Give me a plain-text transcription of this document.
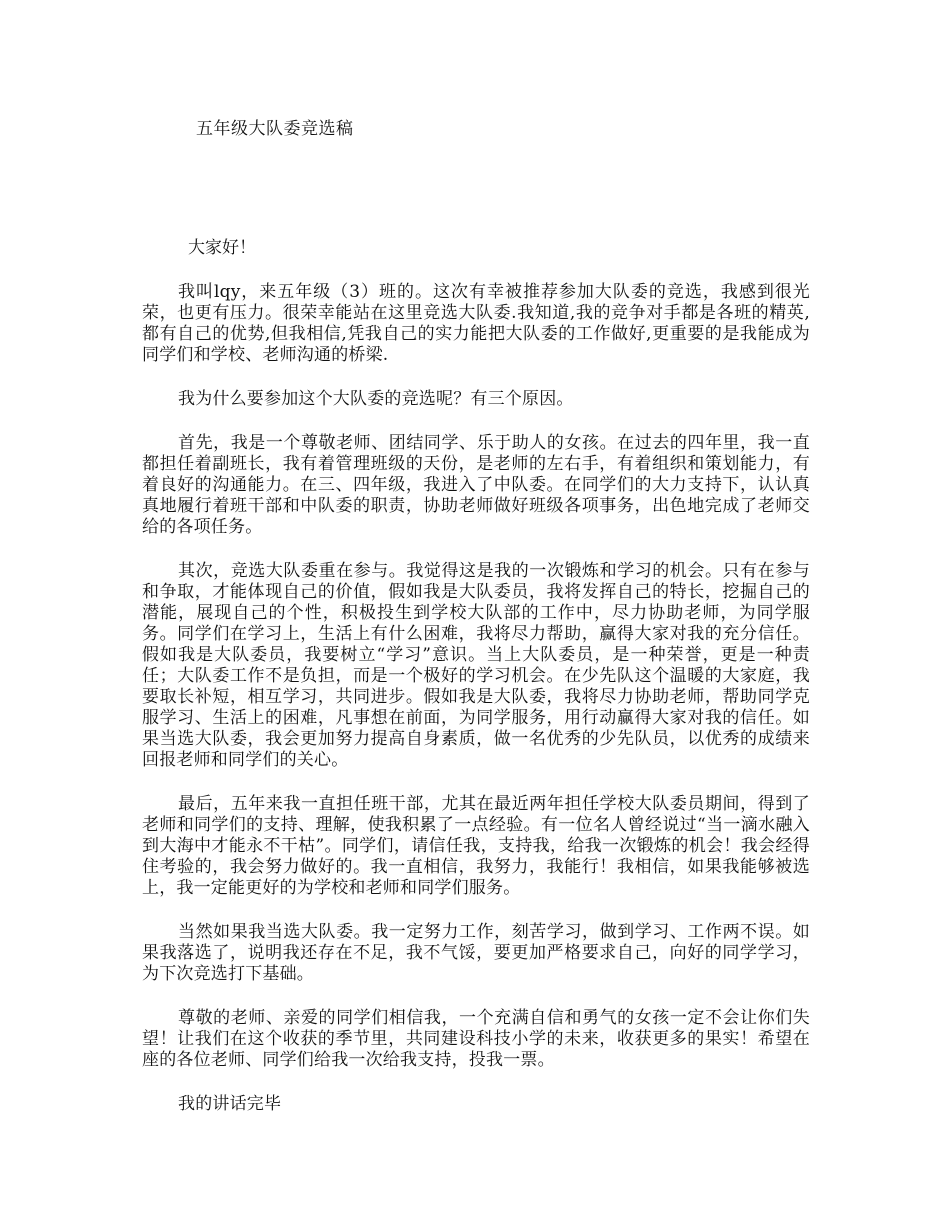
五年级大队委竞选稿

大家好！

我叫lqy，来五年级（3）班的。这次有幸被推荐参加大队委的竞选，我感到很光荣，也更有压力。很荣幸能站在这里竞选大队委.我知道,我的竞争对手都是各班的精英,都有自己的优势,但我相信,凭我自己的实力能把大队委的工作做好,更重要的是我能成为同学们和学校、老师沟通的桥梁.

我为什么要参加这个大队委的竞选呢？有三个原因。

首先，我是一个尊敬老师、团结同学、乐于助人的女孩。在过去的四年里，我一直都担任着副班长，我有着管理班级的天份，是老师的左右手，有着组织和策划能力，有着良好的沟通能力。在三、四年级，我进入了中队委。在同学们的大力支持下，认认真真地履行着班干部和中队委的职责，协助老师做好班级各项事务，出色地完成了老师交给的各项任务。

其次，竞选大队委重在参与。我觉得这是我的一次锻炼和学习的机会。只有在参与和争取，才能体现自己的价值，假如我是大队委员，我将发挥自己的特长，挖掘自己的潜能，展现自己的个性，积极投生到学校大队部的工作中，尽力协助老师，为同学服务。同学们在学习上，生活上有什么困难，我将尽力帮助，赢得大家对我的充分信任。假如我是大队委员，我要树立“学习”意识。当上大队委员，是一种荣誉，更是一种责任；大队委工作不是负担，而是一个极好的学习机会。在少先队这个温暖的大家庭，我要取长补短，相互学习，共同进步。假如我是大队委，我将尽力协助老师，帮助同学克服学习、生活上的困难，凡事想在前面，为同学服务，用行动赢得大家对我的信任。如果当选大队委，我会更加努力提高自身素质，做一名优秀的少先队员，以优秀的成绩来回报老师和同学们的关心。

最后，五年来我一直担任班干部，尤其在最近两年担任学校大队委员期间，得到了老师和同学们的支持、理解，使我积累了一点经验。有一位名人曾经说过“当一滴水融入到大海中才能永不干枯”。同学们，请信任我，支持我，给我一次锻炼的机会！我会经得住考验的，我会努力做好的。我一直相信，我努力，我能行！我相信，如果我能够被选上，我一定能更好的为学校和老师和同学们服务。

当然如果我当选大队委。我一定努力工作，刻苦学习，做到学习、工作两不误。如果我落选了，说明我还存在不足，我不气馁，要更加严格要求自己，向好的同学学习，为下次竞选打下基础。

尊敬的老师、亲爱的同学们相信我，一个充满自信和勇气的女孩一定不会让你们失望！让我们在这个收获的季节里，共同建设科技小学的未来，收获更多的果实！希望在座的各位老师、同学们给我一次给我支持，投我一票。

我的讲话完毕
